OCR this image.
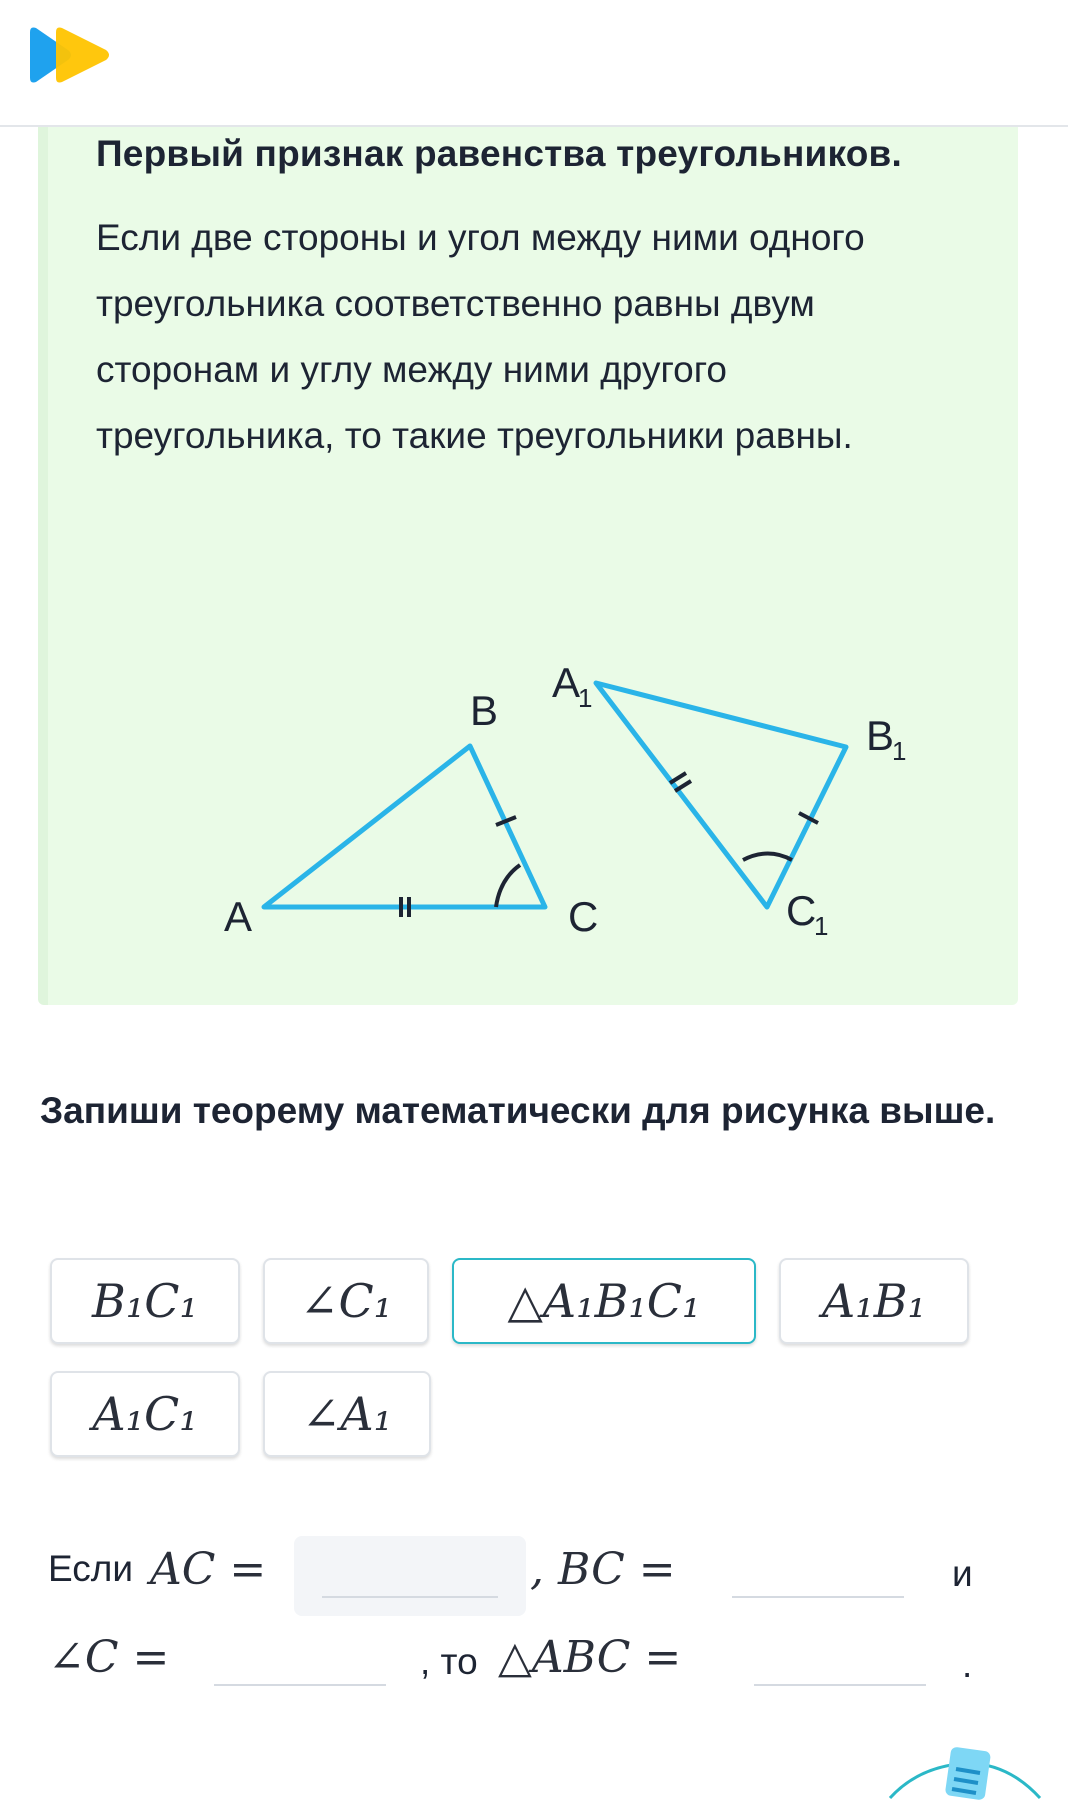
Первый признак равенства треугольников.
Если две стороны и угол между ними одного
треугольника соответственно равны двум
сторонам и углу между ними другого
треугольника, то такие треугольники равны.
A
B
C
A
1
B
1
C
1
Запиши теорему математически для рисунка выше.
B₁C₁	∠C₁	△A₁B₁C₁	A₁B₁
A₁C₁	∠A₁
Если AC =	, BC =	и
∠C =	, то △ABC =	.
